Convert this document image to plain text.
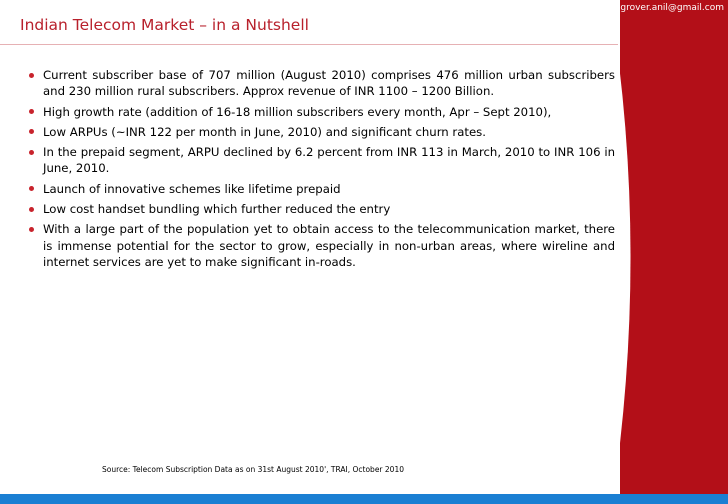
grover.anil@gmail.com
Indian Telecom Market – in a Nutshell
Current subscriber base of 707 million (August 2010) comprises 476 million urban subscribers and 230 million rural subscribers. Approx revenue of INR 1100 – 1200 Billion.
High growth rate (addition of 16-18 million subscribers every month, Apr – Sept 2010),
Low ARPUs (~INR 122 per month in June, 2010) and significant churn rates.
In the prepaid segment, ARPU declined by 6.2 percent from INR 113 in March, 2010 to INR 106 in June, 2010.
Launch of innovative schemes like lifetime prepaid
Low cost handset bundling which further reduced the entry
With a large part of the population yet to obtain access to the telecommunication market, there is immense potential for the sector to grow, especially in non-urban areas, where wireline and internet services are yet to make significant in-roads.
Source: Telecom Subscription Data as on 31st August 2010', TRAI, October 2010
